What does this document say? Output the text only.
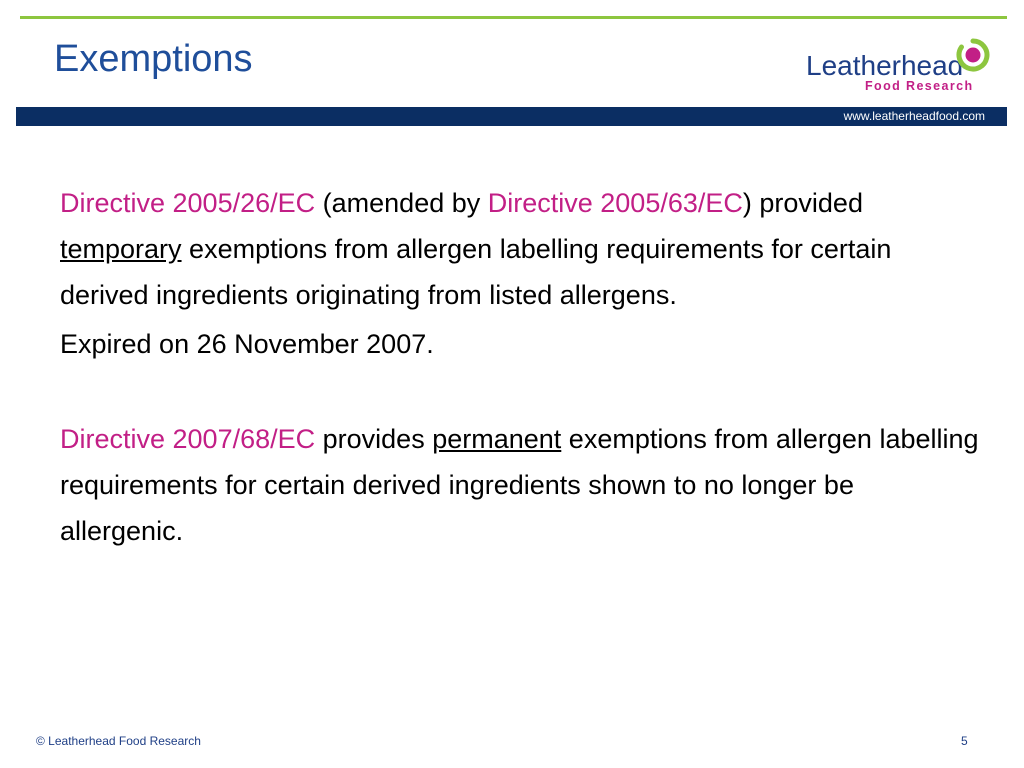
Exemptions	Leatherhead
Food Research
www.leatherheadfood.com

Directive 2005/26/EC (amended by Directive 2005/63/EC) provided temporary exemptions from allergen labelling requirements for certain derived ingredients originating from listed allergens.

Expired on 26 November 2007.

Directive 2007/68/EC provides permanent exemptions from allergen labelling requirements for certain derived ingredients shown to no longer be allergenic.

© Leatherhead Food Research	5
